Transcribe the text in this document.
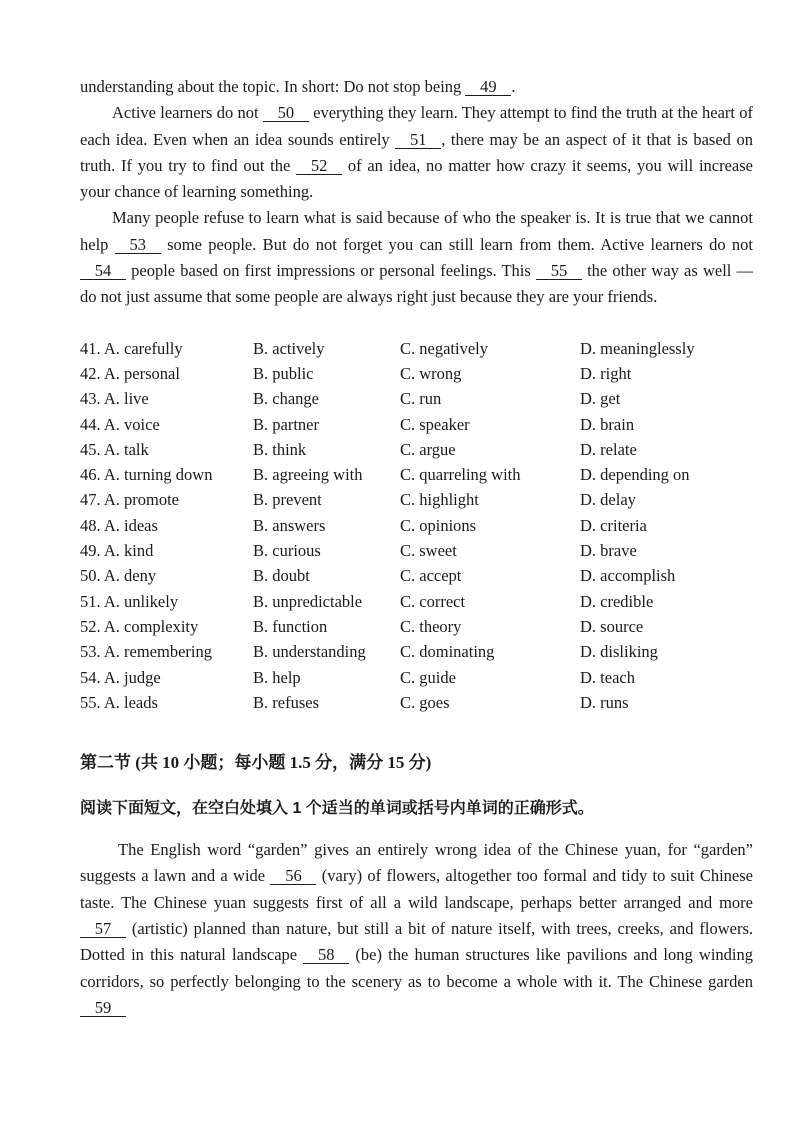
understanding about the topic. In short: Do not stop being 49 .

Active learners do not 50 everything they learn. They attempt to find the truth at the heart of each idea. Even when an idea sounds entirely 51 , there may be an aspect of it that is based on truth. If you try to find out the 52 of an idea, no matter how crazy it seems, you will increase your chance of learning something.

Many people refuse to learn what is said because of who the speaker is. It is true that we cannot help 53 some people. But do not forget you can still learn from them. Active learners do not 54 people based on first impressions or personal feelings. This 55 the other way as well — do not just assume that some people are always right just because they are your friends.

41. A. carefully	B. actively	C. negatively	D. meaninglessly
42. A. personal	B. public	C. wrong	D. right
43. A. live	B. change	C. run	D. get
44. A. voice	B. partner	C. speaker	D. brain
45. A. talk	B. think	C. argue	D. relate
46. A. turning down	B. agreeing with	C. quarreling with	D. depending on
47. A. promote	B. prevent	C. highlight	D. delay
48. A. ideas	B. answers	C. opinions	D. criteria
49. A. kind	B. curious	C. sweet	D. brave
50. A. deny	B. doubt	C. accept	D. accomplish
51. A. unlikely	B. unpredictable	C. correct	D. credible
52. A. complexity	B. function	C. theory	D. source
53. A. remembering	B. understanding	C. dominating	D. disliking
54. A. judge	B. help	C. guide	D. teach
55. A. leads	B. refuses	C. goes	D. runs
第二节 (共 10 小题；每小题 1.5 分，满分 15 分)

阅读下面短文，在空白处填入 1 个适当的单词或括号内单词的正确形式。

The English word “garden” gives an entirely wrong idea of the Chinese yuan, for “garden” suggests a lawn and a wide 56 (vary) of flowers, altogether too formal and tidy to suit Chinese taste. The Chinese yuan suggests first of all a wild landscape, perhaps better arranged and more 57 (artistic) planned than nature, but still a bit of nature itself, with trees, creeks, and flowers. Dotted in this natural landscape 58 (be) the human structures like pavilions and long winding corridors, so perfectly belonging to the scenery as to become a whole with it. The Chinese garden 59
